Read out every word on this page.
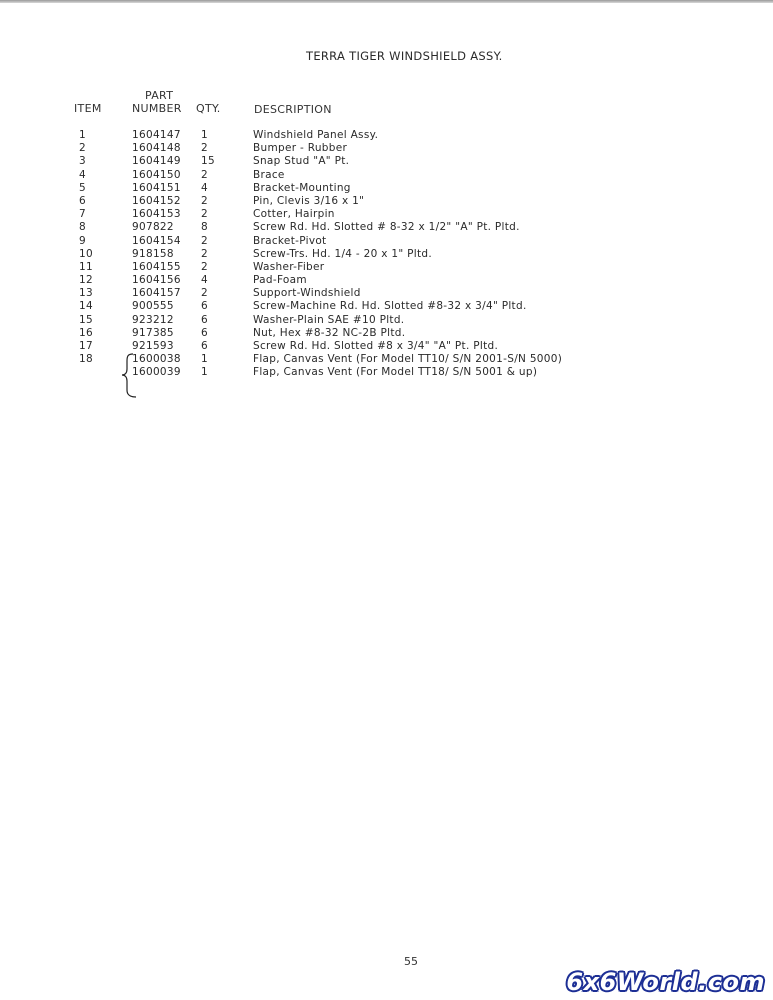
TERRA TIGER WINDSHIELD ASSY.
PART
ITEM	NUMBER QTY.	DESCRIPTION
1	1604147 1	Windshield Panel Assy.
2	1604148 2	Bumper - Rubber
3	1604149 15	Snap Stud "A" Pt.
4	1604150 2	Brace
5	1604151 4	Bracket-Mounting
6	1604152 2	Pin, Clevis 3/16 x 1"
7	1604153 2	Cotter, Hairpin
8	907822	8	Screw Rd. Hd. Slotted # 8-32 x 1/2" "A" Pt. Pltd.
9	1604154 2	Bracket-Pivot
10	918158	2	Screw-Trs. Hd. 1/4 - 20 x 1" Pltd.
11	1604155 2	Washer-Fiber
12	1604156 4	Pad-Foam
13	1604157 2	Support-Windshield
14	900555	6	Screw-Machine Rd. Hd. Slotted #8-32 x 3/4" Pltd.
15	923212	6	Washer-Plain SAE #10 Pltd.
16	917385	6	Nut, Hex #8-32 NC-2B Pltd.
17	921593	6	Screw Rd. Hd. Slotted #8 x 3/4" "A" Pt. Pltd.
18	1600038 1	Flap, Canvas Vent (For Model TT10/ S/N 2001-S/N 5000)
1600039 1	Flap, Canvas Vent (For Model TT18/ S/N 5001 & up)
55
6x6World.com
